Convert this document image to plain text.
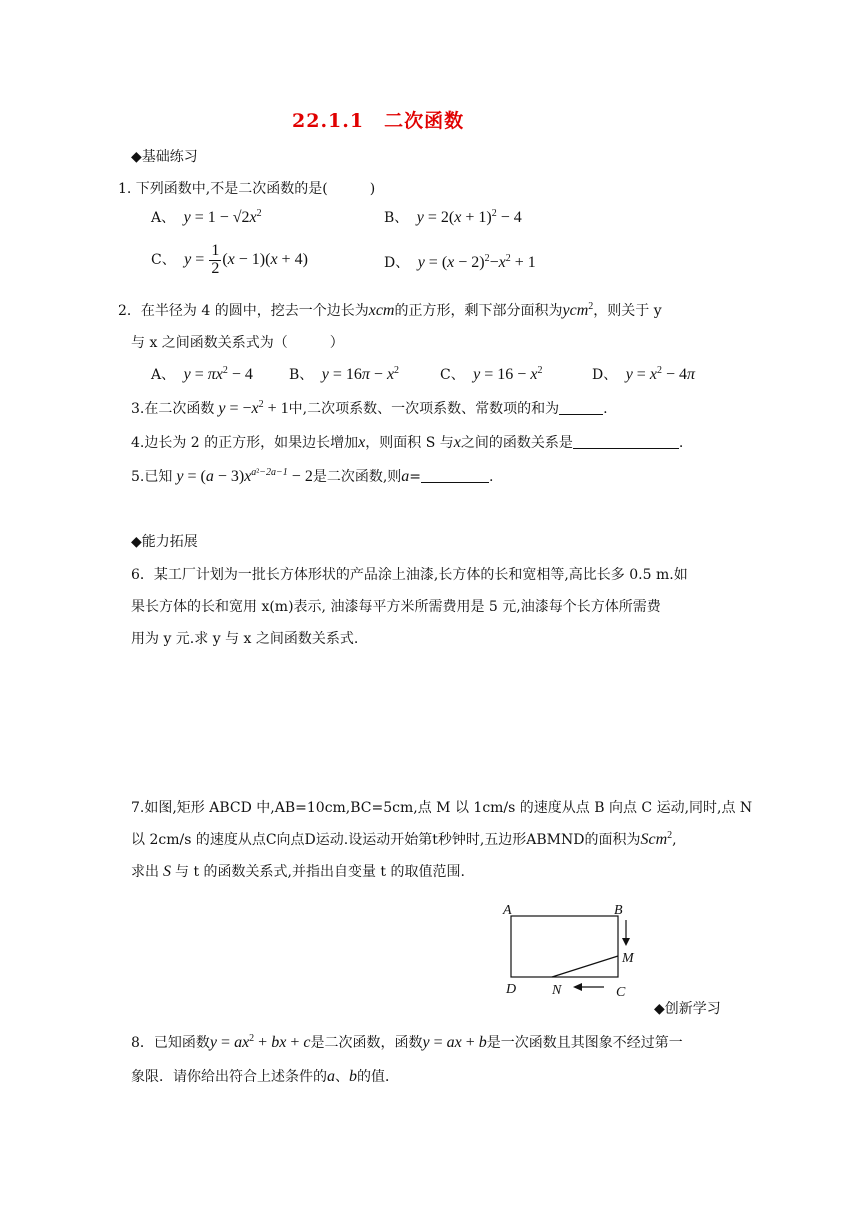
22.1.1　二次函数
◆基础练习
1. 下列函数中,不是二次函数的是(　　　)
A、  $y = 1 - √2x^2$	B、  $y = 2(x + 1)^2 - 4$
C、  $y = \frac{1}{2} (x - 1)(x + 4)$	D、  $y = (x - 2)^2-x^2 + 1$
2．在半径为 4 的圆中，挖去一个边长为xcm的正方形，剩下部分面积为ycm$^2$，则关于 y
与 x 之间函数关系式为（　　　）
A、  $y = \pi x^2 - 4$	B、  $y = 16\pi - x^2$	C、  $y = 16 - x^2$	D、  $y = x^2 - 4\pi$
3.在二次函数 $y = -x^2 + 1$中,二次项系数、一次项系数、常数项的和为	.
4.边长为 2 的正方形，如果边长增加x，则面积 S 与x之间的函数关系是	.
5.已知 $y = (a - 3)x^{a^2-2a-1} - 2$是二次函数,则a=	.
◆能力拓展
6．某工厂计划为一批长方体形状的产品涂上油漆,长方体的长和宽相等,高比长多 0.5 m.如
果长方体的长和宽用 x(m)表示, 油漆每平方米所需费用是 5 元,油漆每个长方体所需费
用为 y 元.求 y 与 x 之间函数关系式.
7.如图,矩形 ABCD 中,AB=10cm,BC=5cm,点 M 以 1cm/s 的速度从点 B 向点 C 运动,同时,点 N
以 2cm/s 的速度从点C向点D运动.设运动开始第t秒钟时,五边形ABMND的面积为Scm$^2$,
求出 S 与 t 的函数关系式,并指出自变量 t 的取值范围.
A	B
M
D	N	C
◆创新学习
8．已知函数$y = ax^2$ + bx + c是二次函数，函数y = ax + b是一次函数且其图象不经过第一
象限．请你给出符合上述条件的a、b的值．
